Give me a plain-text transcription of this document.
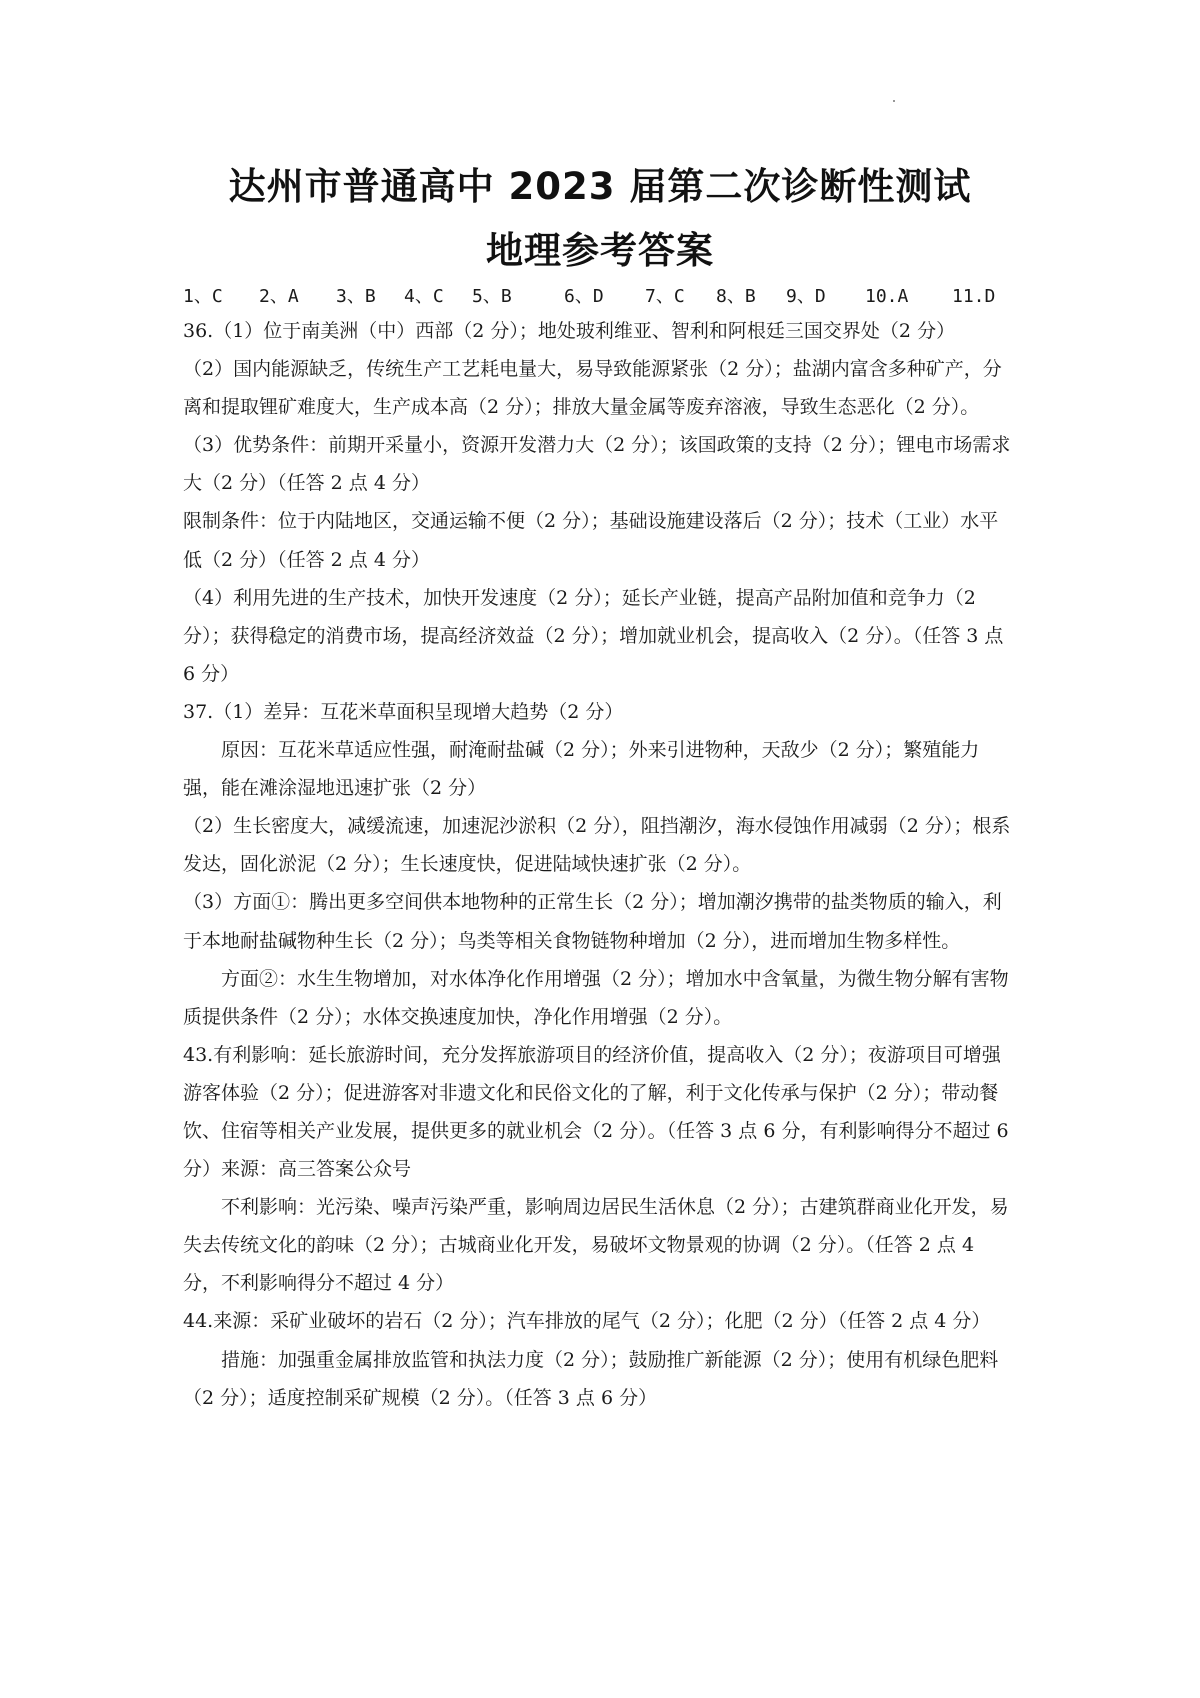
达州市普通高中 2023 届第二次诊断性测试
地理参考答案
1、C 2、A 3、B 4、C 5、B	6、D 7、C 8、B 9、D 10.A 11.D

36.（1）位于南美洲（中）西部（2 分）；地处玻利维亚、智利和阿根廷三国交界处（2 分）

（2）国内能源缺乏，传统生产工艺耗电量大，易导致能源紧张（2 分）；盐湖内富含多种矿产，分离和提取锂矿难度大，生产成本高（2 分）；排放大量金属等废弃溶液，导致生态恶化（2 分）。

（3）优势条件：前期开采量小，资源开发潜力大（2 分）；该国政策的支持（2 分）；锂电市场需求大（2 分）（任答 2 点 4 分）

限制条件：位于内陆地区，交通运输不便（2 分）；基础设施建设落后（2 分）；技术（工业）水平低（2 分）（任答 2 点 4 分）

（4）利用先进的生产技术，加快开发速度（2 分）；延长产业链，提高产品附加值和竞争力（2 分）；获得稳定的消费市场，提高经济效益（2 分）；增加就业机会，提高收入（2 分）。（任答 3 点 6 分）

37.（1）差异：互花米草面积呈现增大趋势（2 分）

原因：互花米草适应性强，耐淹耐盐碱（2 分）；外来引进物种，天敌少（2 分）；繁殖能力强，能在滩涂湿地迅速扩张（2 分）

（2）生长密度大，减缓流速，加速泥沙淤积（2 分），阻挡潮汐，海水侵蚀作用减弱（2 分）；根系发达，固化淤泥（2 分）；生长速度快，促进陆域快速扩张（2 分）。

（3）方面①：腾出更多空间供本地物种的正常生长（2 分）；增加潮汐携带的盐类物质的输入，利于本地耐盐碱物种生长（2 分）；鸟类等相关食物链物种增加（2 分），进而增加生物多样性。

方面②：水生生物增加，对水体净化作用增强（2 分）；增加水中含氧量，为微生物分解有害物质提供条件（2 分）；水体交换速度加快，净化作用增强（2 分）。

43.有利影响：延长旅游时间，充分发挥旅游项目的经济价值，提高收入（2 分）；夜游项目可增强游客体验（2 分）；促进游客对非遗文化和民俗文化的了解，利于文化传承与保护（2 分）；带动餐饮、住宿等相关产业发展，提供更多的就业机会（2 分）。（任答 3 点 6 分，有利影响得分不超过 6 分）来源：高三答案公众号

不利影响：光污染、噪声污染严重，影响周边居民生活休息（2 分）；古建筑群商业化开发，易失去传统文化的韵味（2 分）；古城商业化开发，易破坏文物景观的协调（2 分）。（任答 2 点 4 分，不利影响得分不超过 4 分）

44.来源：采矿业破坏的岩石（2 分）；汽车排放的尾气（2 分）；化肥（2 分）（任答 2 点 4 分）

措施：加强重金属排放监管和执法力度（2 分）；鼓励推广新能源（2 分）；使用有机绿色肥料（2 分）；适度控制采矿规模（2 分）。（任答 3 点 6 分）
